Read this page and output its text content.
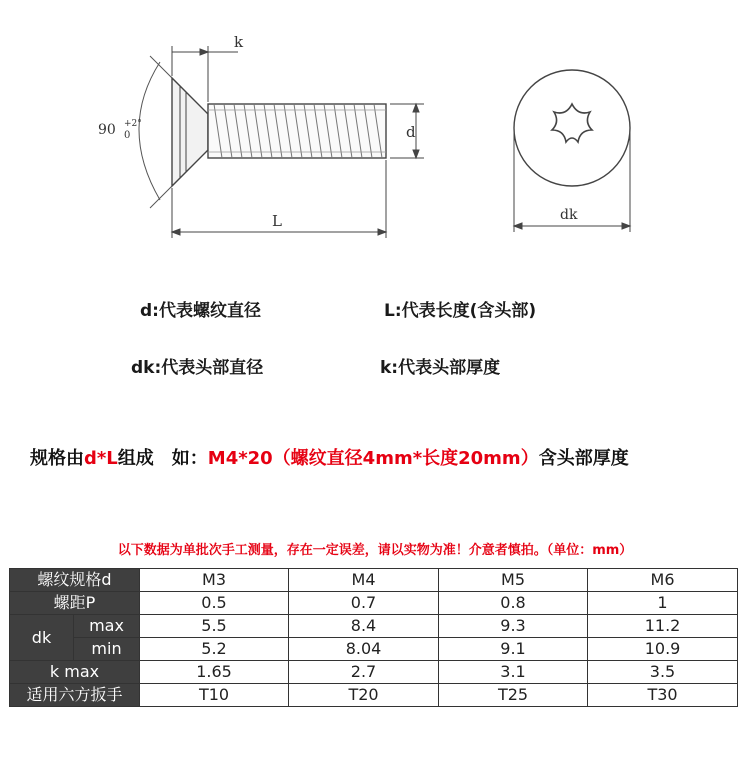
k
90 +2°
0	d
L	dk
d:代表螺纹直径	L:代表长度(含头部)
dk:代表头部直径	k:代表头部厚度
规格由d*L组成　如：M4*20（螺纹直径4mm*长度20mm）含头部厚度
以下数据为单批次手工测量，存在一定误差，请以实物为准！介意者慎拍。（单位：mm）
螺纹规格d		M3	M4	M5	M6
螺距P		0.5	0.7	0.8	1
dk	max	5.5	8.4	9.3	11.2
	min	5.2	8.04	9.1	10.9
k max		1.65	2.7	3.1	3.5
适用六方扳手		T10	T20	T25	T30
